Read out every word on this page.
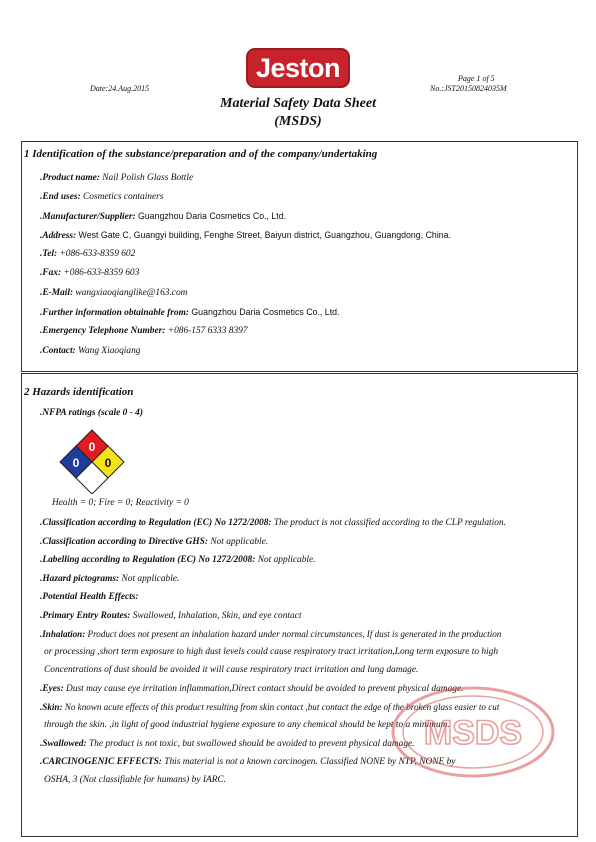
Jeston	Page 1 of 5
Date:24.Aug.2015	No.:JST20150824035M
Material Safety Data Sheet
(MSDS)
1 Identification of the substance/preparation and of the company/undertaking
.Product name: Nail Polish Glass Bottle
.End uses: Cosmetics containers
.Manufacturer/Supplier: Guangzhou Daria Cosmetics Co., Ltd.
.Address: West Gate C, Guangyi building, Fenghe Street, Baiyun district, Guangzhou, Guangdong, China.
.Tel: +086-633-8359 602
.Fax: +086-633-8359 603
.E-Mail: wangxiaoqianglike@163.com
.Further information obtainable from: Guangzhou Daria Cosmetics Co., Ltd.
.Emergency Telephone Number: +086-157 6333 8397
.Contact: Wang Xiaoqiang
2 Hazards identification
.NFPA ratings (scale 0 - 4)
0
0 0
Health = 0; Fire = 0; Reactivity = 0
.Classification according to Regulation (EC) No 1272/2008: The product is not classified according to the CLP regulation.
.Classification according to Directive GHS: Not applicable.
.Labelling according to Regulation (EC) No 1272/2008: Not applicable.
.Hazard pictograms: Not applicable.
.Potential Health Effects:
.Primary Entry Routes: Swallowed, Inhalation, Skin, and eye contact
.Inhalation: Product does not present an inhalation hazard under normal circumstances, If dust is generated in the production
or processing ,short term exposure to high dust levels could cause respiratory tract irritation,Long term exposure to high
Concentrations of dust should be avoided it will cause respiratory tract irritation and lung damage.
.Eyes: Dust may cause eye irritation inflammation,Direct contact should be avoided to prevent physical damage.
.Skin: No known acute effects of this product resulting from skin contact ,but contact the edge of the broken glass easier to cut
through the skin. ,in light of good industrial hygiene exposure to any chemical should be kept to a minimum.
.Swallowed: The product is not toxic, but swallowed should be avoided to prevent physical damage.
.CARCINOGENIC EFFECTS: This material is not a known carcinogen. Classified NONE by NTP, NONE by
OSHA, 3 (Not classifiable for humans) by IARC.
MSDS
